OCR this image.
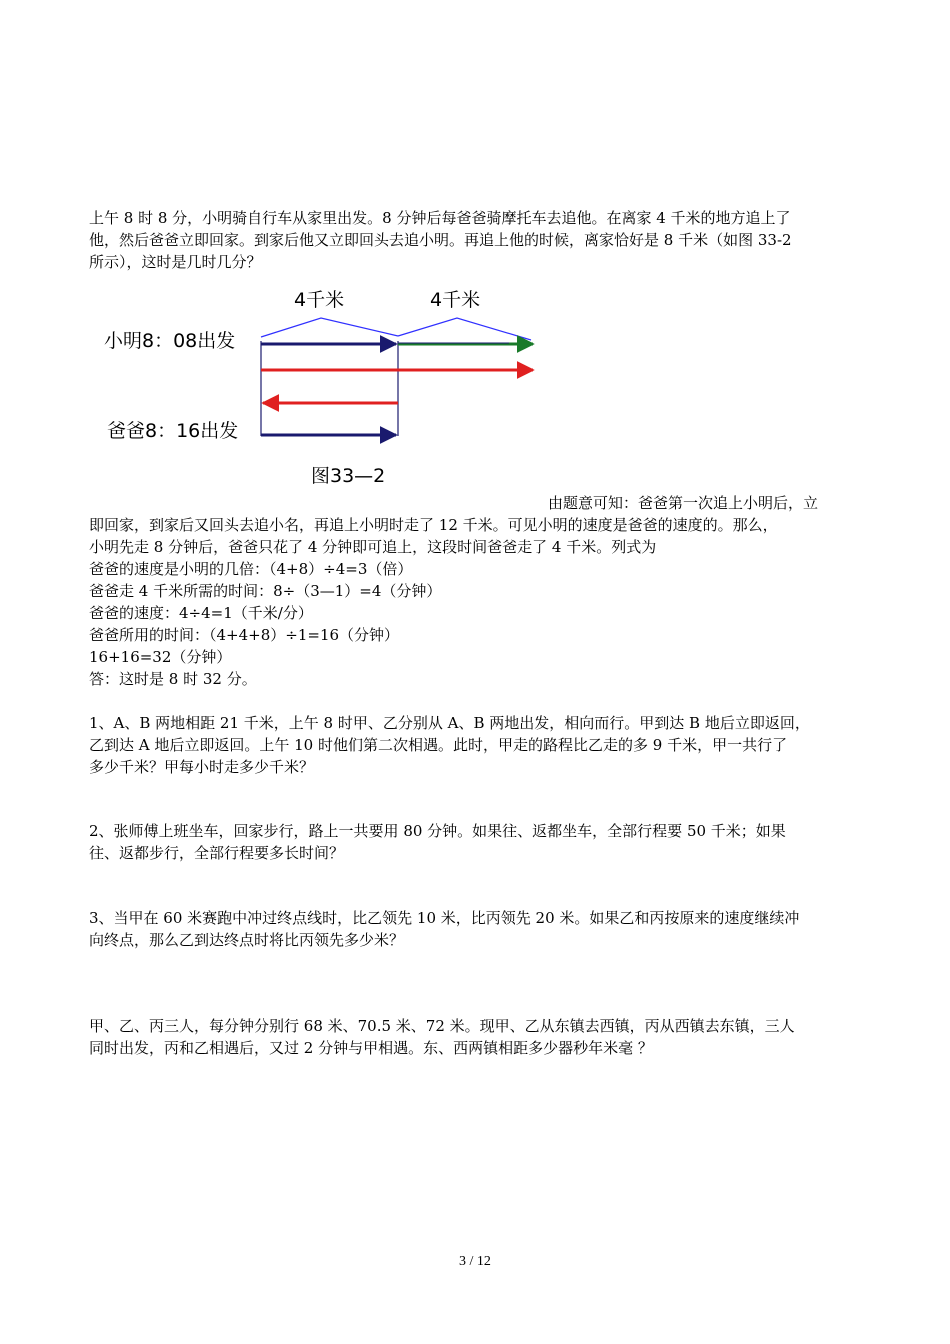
上午 8 时 8 分，小明骑自行车从家里出发。8 分钟后每爸爸骑摩托车去追他。在离家 4 千米的地方追上了
他，然后爸爸立即回家。到家后他又立即回头去追小明。再追上他的时候，离家恰好是 8 千米（如图 33-2
所示），这时是几时几分？
4千米	4千米
小明8：08出发
爸爸8：16出发
图33—2
由题意可知：爸爸第一次追上小明后，立
即回家，到家后又回头去追小名，再追上小明时走了 12 千米。可见小明的速度是爸爸的速度的。那么，
小明先走 8 分钟后，爸爸只花了 4 分钟即可追上，这段时间爸爸走了 4 千米。列式为
爸爸的速度是小明的几倍：（4+8）÷4=3（倍）
爸爸走 4 千米所需的时间：8÷（3—1）=4（分钟）
爸爸的速度：4÷4=1（千米/分）
爸爸所用的时间：（4+4+8）÷1=16（分钟）
16+16=32（分钟）
答：这时是 8 时 32 分。
1、A、B 两地相距 21 千米，上午 8 时甲、乙分别从 A、B 两地出发，相向而行。甲到达 B 地后立即返回，
乙到达 A 地后立即返回。上午 10 时他们第二次相遇。此时，甲走的路程比乙走的多 9 千米，甲一共行了
多少千米？甲每小时走多少千米？
2、张师傅上班坐车，回家步行，路上一共要用 80 分钟。如果往、返都坐车，全部行程要 50 千米；如果
往、返都步行，全部行程要多长时间？
3、当甲在 60 米赛跑中冲过终点线时，比乙领先 10 米，比丙领先 20 米。如果乙和丙按原来的速度继续冲
向终点，那么乙到达终点时将比丙领先多少米？
甲、乙、丙三人，每分钟分别行 68 米、70.5 米、72 米。现甲、乙从东镇去西镇，丙从西镇去东镇，三人
同时出发，丙和乙相遇后，又过 2 分钟与甲相遇。东、西两镇相距多少器秒年米毫 ？
3 / 12
